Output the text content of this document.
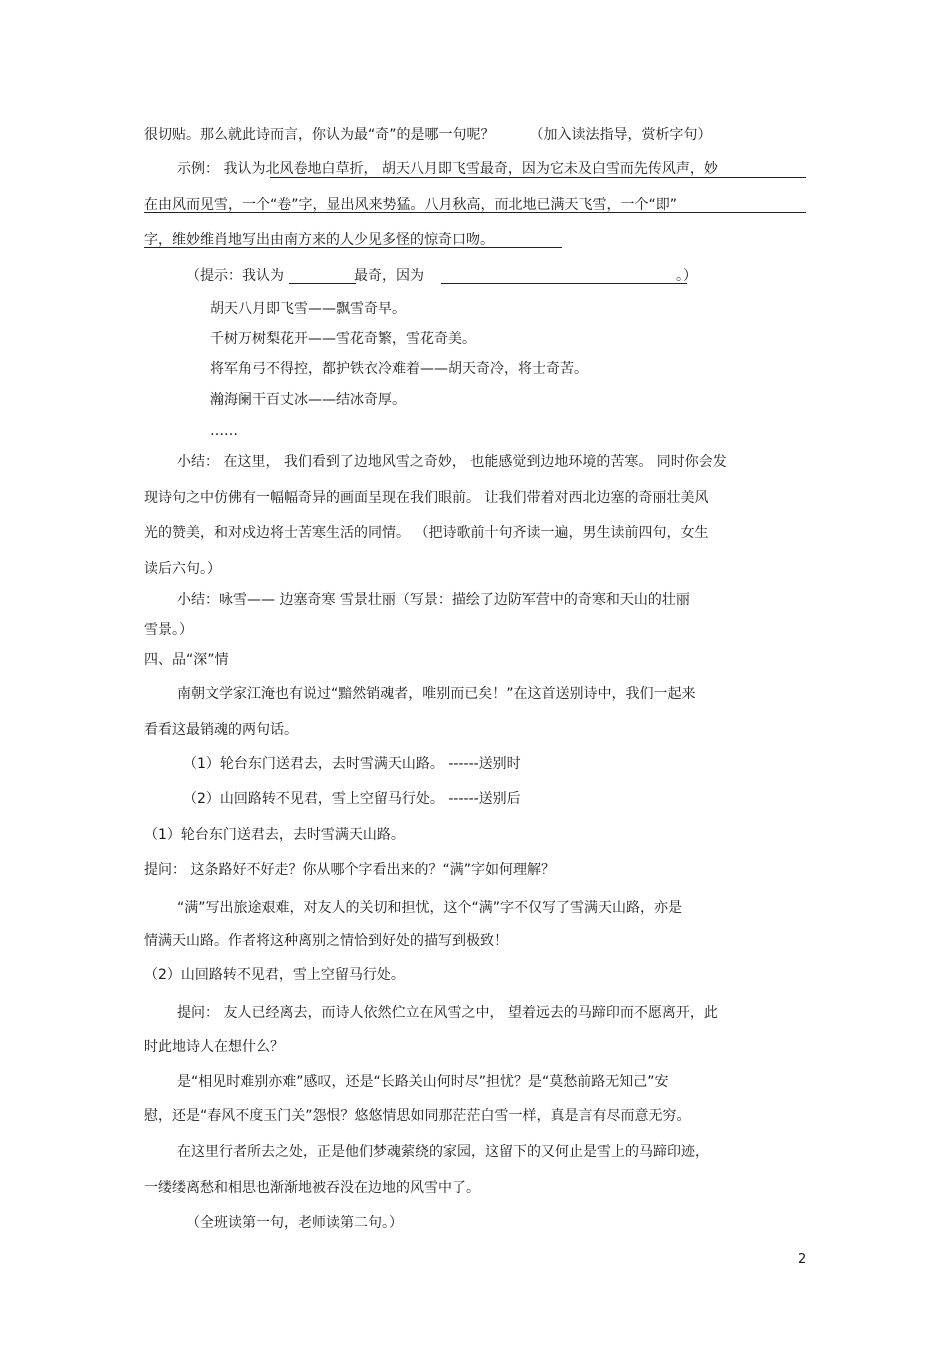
很切贴。那么就此诗而言，你认为最“奇”的是哪一句呢？　　　（加入读法指导，赏析字句）
示例： 我认为北风卷地白草折， 胡天八月即飞雪最奇，因为它未及白雪而先传风声，妙
在由风而见雪，一个“卷”字，显出风来势猛。八月秋高，而北地已满天飞雪，一个“即”
字，维妙维肖地写出由南方来的人少见多怪的惊奇口吻。
（提示：我认为　　　　　最奇，因为　　　　　　　　　　　　　　　　　　。）
胡天八月即飞雪——飘雪奇早。
千树万树梨花开——雪花奇繁，雪花奇美。
将军角弓不得控，都护铁衣冷难着——胡天奇冷，将士奇苦。
瀚海阑干百丈冰——结冰奇厚。
……
小结： 在这里， 我们看到了边地风雪之奇妙， 也能感觉到边地环境的苦寒。 同时你会发
现诗句之中仿佛有一幅幅奇异的画面呈现在我们眼前。 让我们带着对西北边塞的奇丽壮美风
光的赞美，和对戍边将士苦寒生活的同情。 （把诗歌前十句齐读一遍，男生读前四句，女生
读后六句。）
小结：咏雪—— 边塞奇寒 雪景壮丽（写景：描绘了边防军营中的奇寒和天山的壮丽
雪景。）
四、品“深”情
南朝文学家江淹也有说过“黯然销魂者，唯别而已矣！”在这首送别诗中，我们一起来
看看这最销魂的两句话。
（1）轮台东门送君去，去时雪满天山路。 ------送别时
（2）山回路转不见君，雪上空留马行处。 ------送别后
（1）轮台东门送君去，去时雪满天山路。
提问： 这条路好不好走？你从哪个字看出来的？“满”字如何理解？
“满”写出旅途艰难，对友人的关切和担忧，这个“满”字不仅写了雪满天山路，亦是
情满天山路。作者将这种离别之情恰到好处的描写到极致！
（2）山回路转不见君，雪上空留马行处。
提问： 友人已经离去，而诗人依然伫立在风雪之中， 望着远去的马蹄印而不愿离开，此
时此地诗人在想什么？
是“相见时难别亦难”感叹，还是“长路关山何时尽”担忧？是“莫愁前路无知己”安
慰，还是“春风不度玉门关”怨恨？悠悠情思如同那茫茫白雪一样，真是言有尽而意无穷。
在这里行者所去之处，正是他们梦魂萦绕的家园，这留下的又何止是雪上的马蹄印迹，
一缕缕离愁和相思也渐渐地被吞没在边地的风雪中了。
（全班读第一句，老师读第二句。）
2
